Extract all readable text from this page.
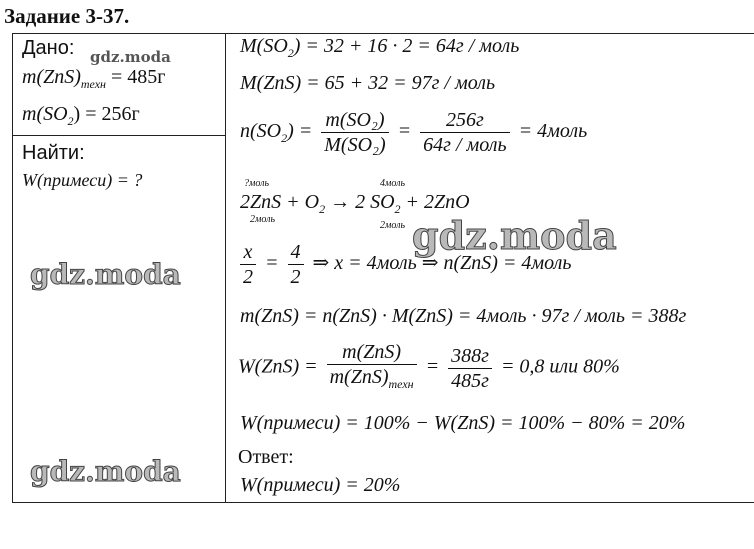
Задание 3-37.
Дано:
$m(ZnS)_{техн} = 485г$
$m(SO_2) = 256г$
Найти:
W(примеси) = ?
$M(SO_2) = 32 + 16 \cdot 2 = 64г$ / моль
M(ZnS) = 65 + 32 = 97г / моль
$n(SO_2) = \frac{\text{m(SO₂)}}{\text{M(SO₂)}} = \frac{256г}{\text{64г / моль}}$ = 4моль
?моль
2моль
4моль
2моль
$2ZnS + O_2 \to 2$ $SO_2 + 2ZnO$
$\frac{x}{2} = \frac{4}{2}$ ⇒ x = 4моль ⇒ n(ZnS) = 4моль
m(ZnS) = n(ZnS) · M(ZnS) = 4моль · 97г / моль = 388г
$W(ZnS) = \frac{\text{m(ZnS)}}{m(ZnS)_{техн}} = \frac{388г}{485г} = 0,8$ или 80%
W(примеси) = 100% − W(ZnS) = 100% − 80% = 20%
Ответ:
W(примеси) = 20%
gdz.moda
gdz.moda
gdz.moda
gdz.moda
